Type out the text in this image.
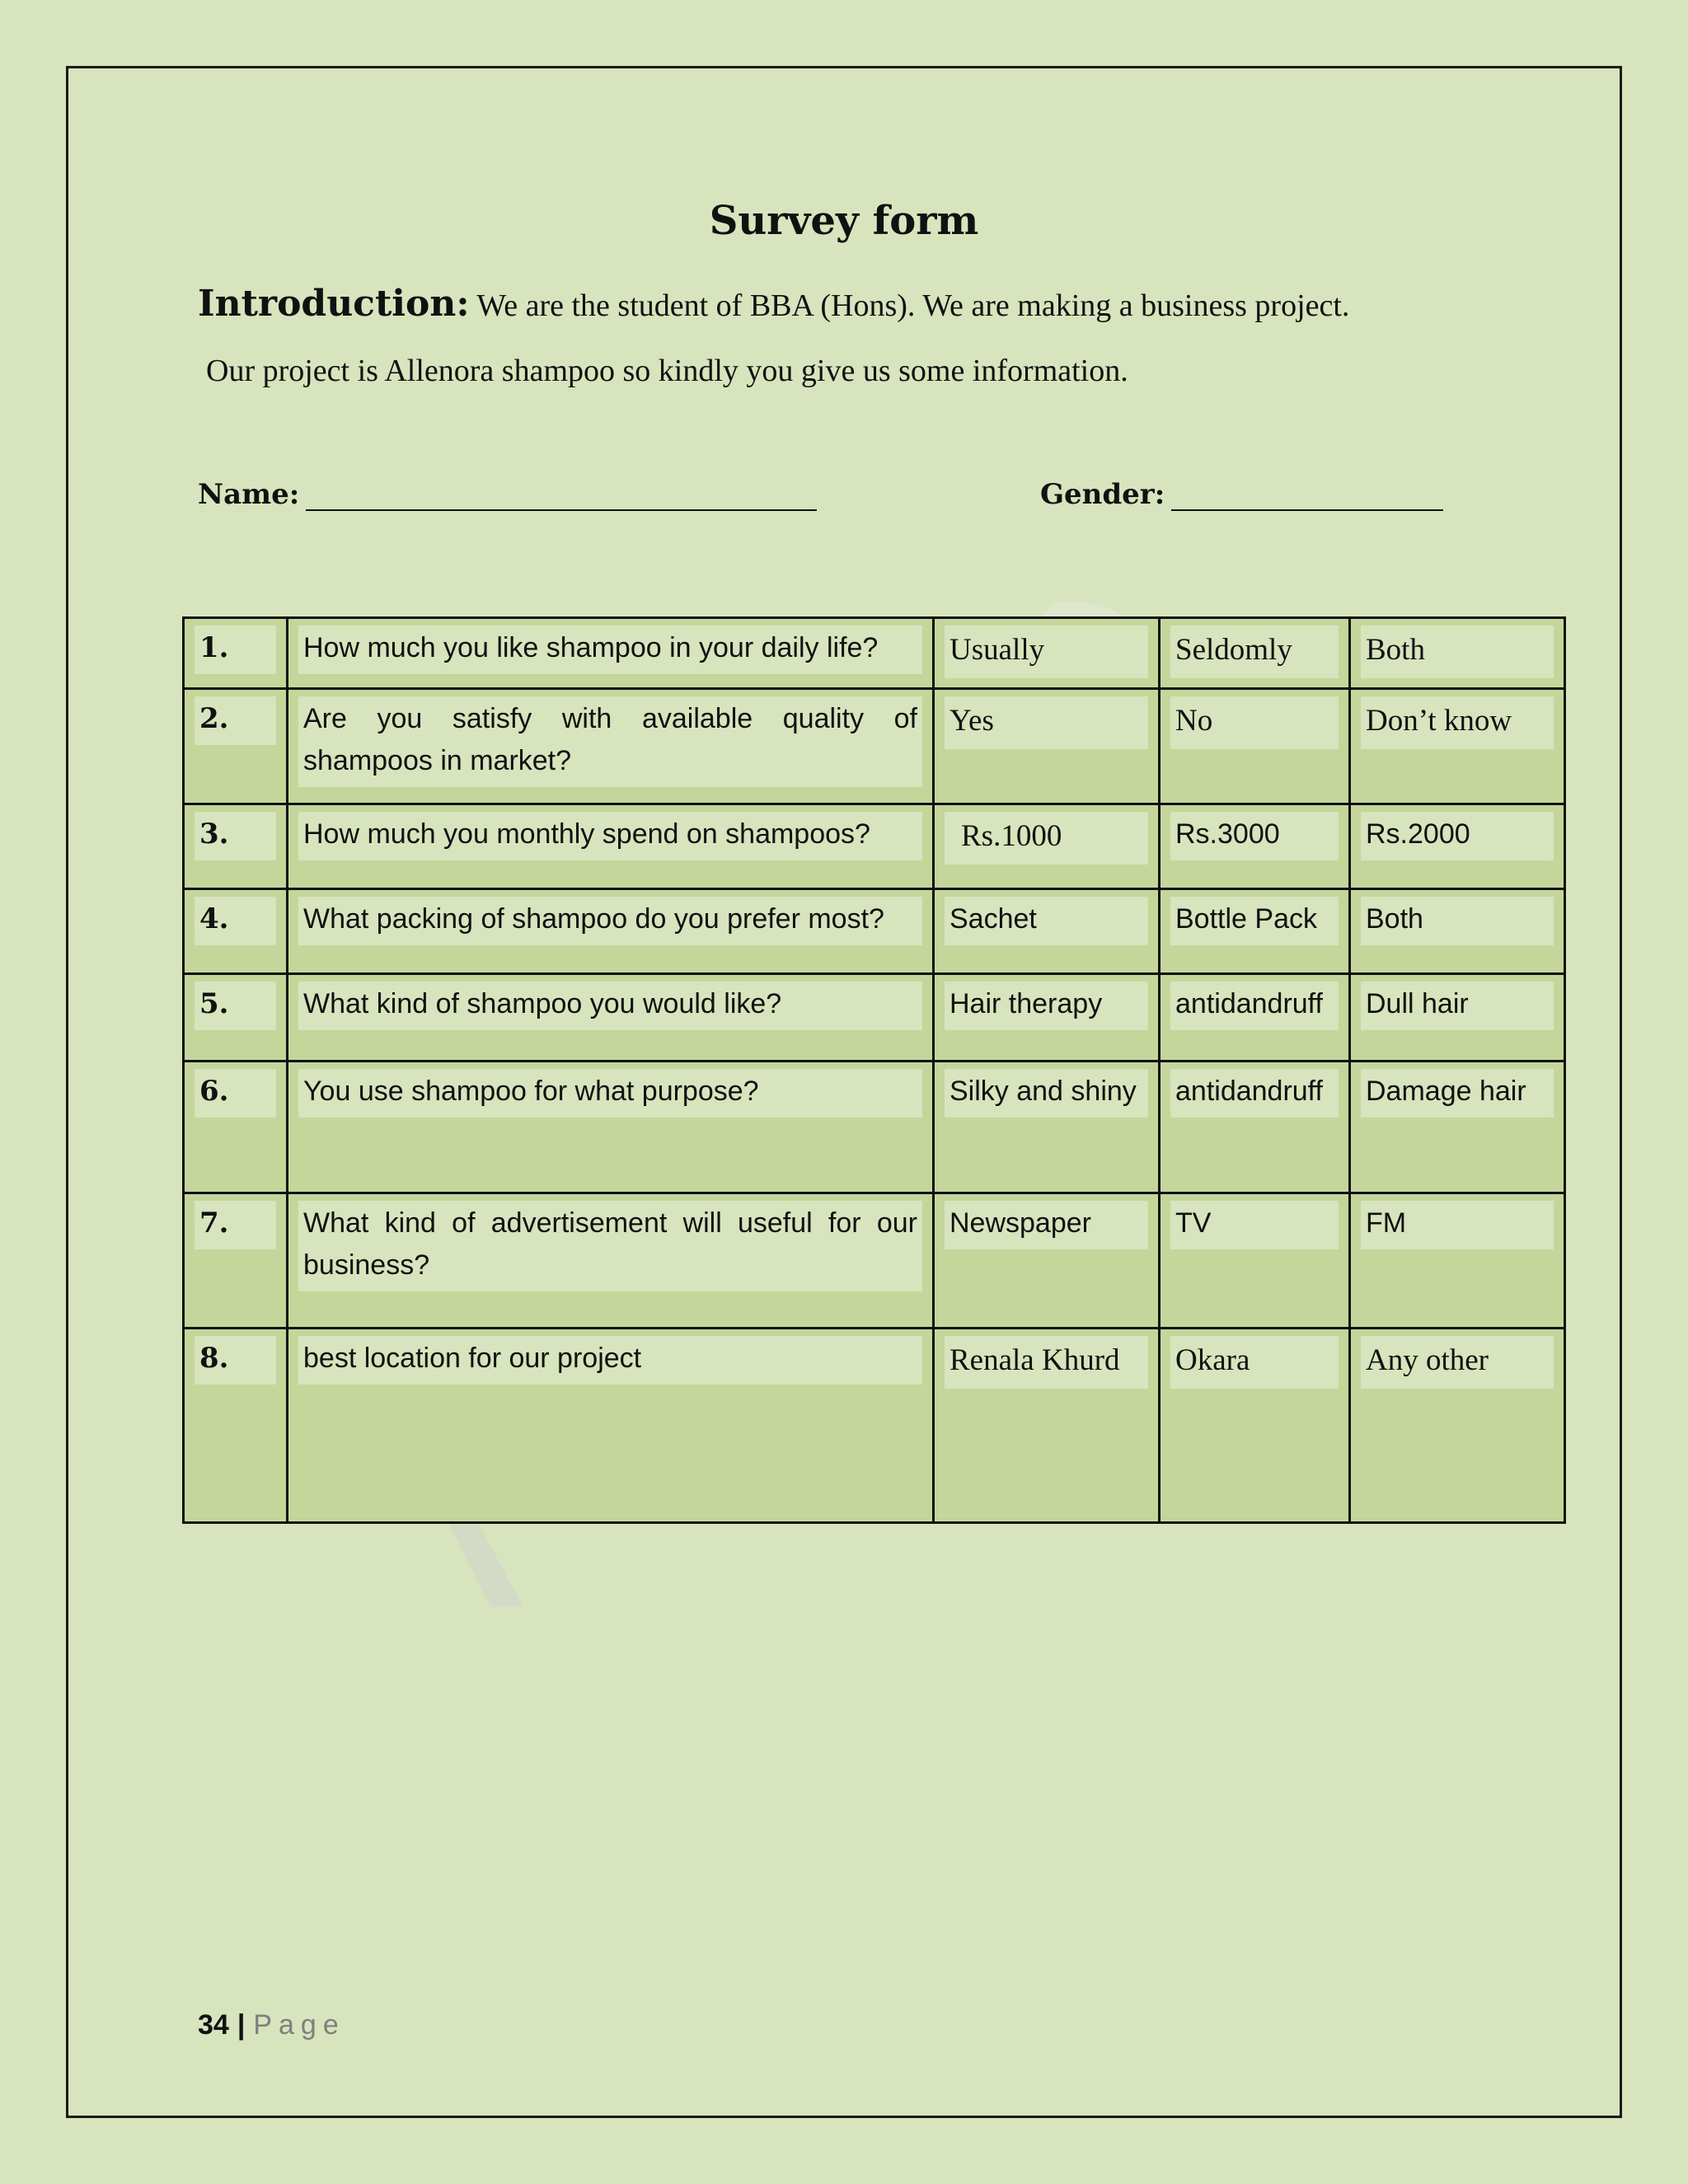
Survey form
Introduction: We are the student of BBA (Hons). We are making a business project.
Our project is Allenora shampoo so kindly you give us some information.
Name:	Gender:
1.	How much you like shampoo in your daily life?	Usually	Seldomly	Both

2.	Are you satisfy with available quality of shampoos in market?	Yes	No	Don’t know

3.	How much you monthly spend on shampoos?	Rs.1000	Rs.3000	Rs.2000

4.	What packing of shampoo do you prefer most?	Sachet	Bottle Pack	Both

5.	What kind of shampoo you would like?	Hair therapy	antidandruff	Dull hair

6.	You use shampoo for what purpose?	Silky and shiny	antidandruff	Damage hair

7.	What kind of advertisement will useful for our business?	Newspaper	TV	FM

8.	best location for our project	Renala Khurd	Okara	Any other
34 | Page
